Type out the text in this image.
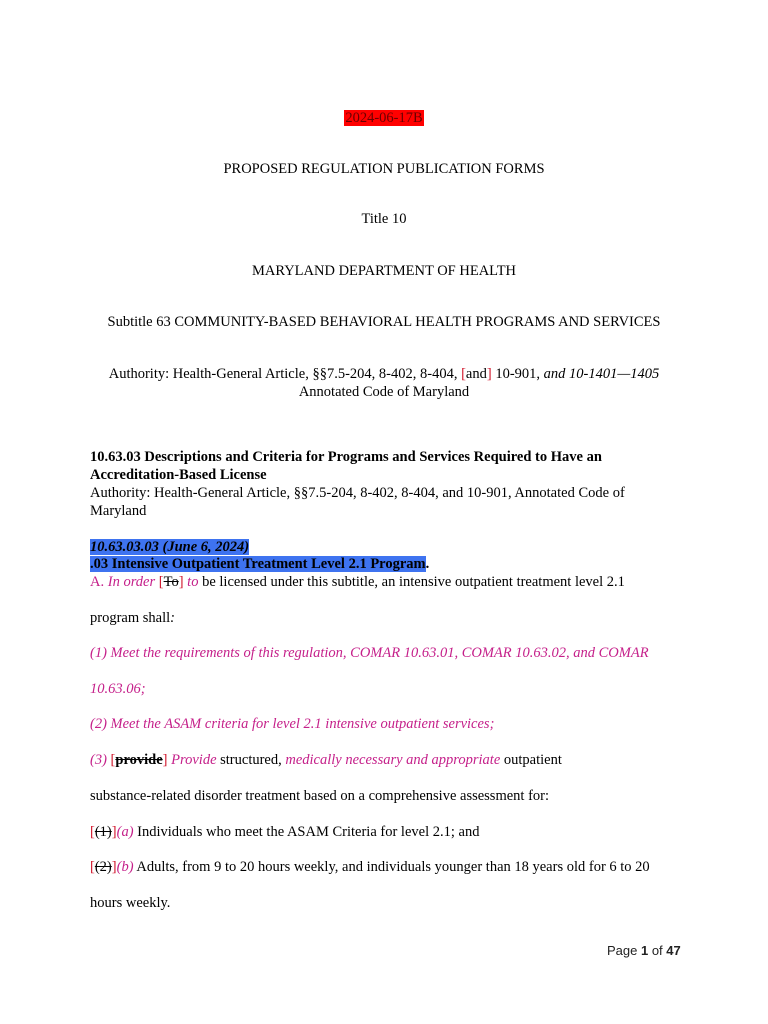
2024-06-17B
PROPOSED REGULATION PUBLICATION FORMS
Title 10
MARYLAND DEPARTMENT OF HEALTH
Subtitle 63 COMMUNITY-BASED BEHAVIORAL HEALTH PROGRAMS AND SERVICES
Authority: Health-General Article, §§7.5-204, 8-402, 8-404, [and] 10-901, and 10-1401—1405
Annotated Code of Maryland
10.63.03 Descriptions and Criteria for Programs and Services Required to Have an
Accreditation-Based License
Authority: Health-General Article, §§7.5-204, 8-402, 8-404, and 10-901, Annotated Code of
Maryland
10.63.03.03 (June 6, 2024)
.03 Intensive Outpatient Treatment Level 2.1 Program.
A. In order [To] to be licensed under this subtitle, an intensive outpatient treatment level 2.1
program shall:
(1) Meet the requirements of this regulation, COMAR 10.63.01, COMAR 10.63.02, and COMAR
10.63.06;
(2) Meet the ASAM criteria for level 2.1 intensive outpatient services;
(3) [provide] Provide structured, medically necessary and appropriate outpatient
substance-related disorder treatment based on a comprehensive assessment for:
[(1)](a) Individuals who meet the ASAM Criteria for level 2.1; and
[(2)](b) Adults, from 9 to 20 hours weekly, and individuals younger than 18 years old for 6 to 20
hours weekly.
Page 1 of 47
